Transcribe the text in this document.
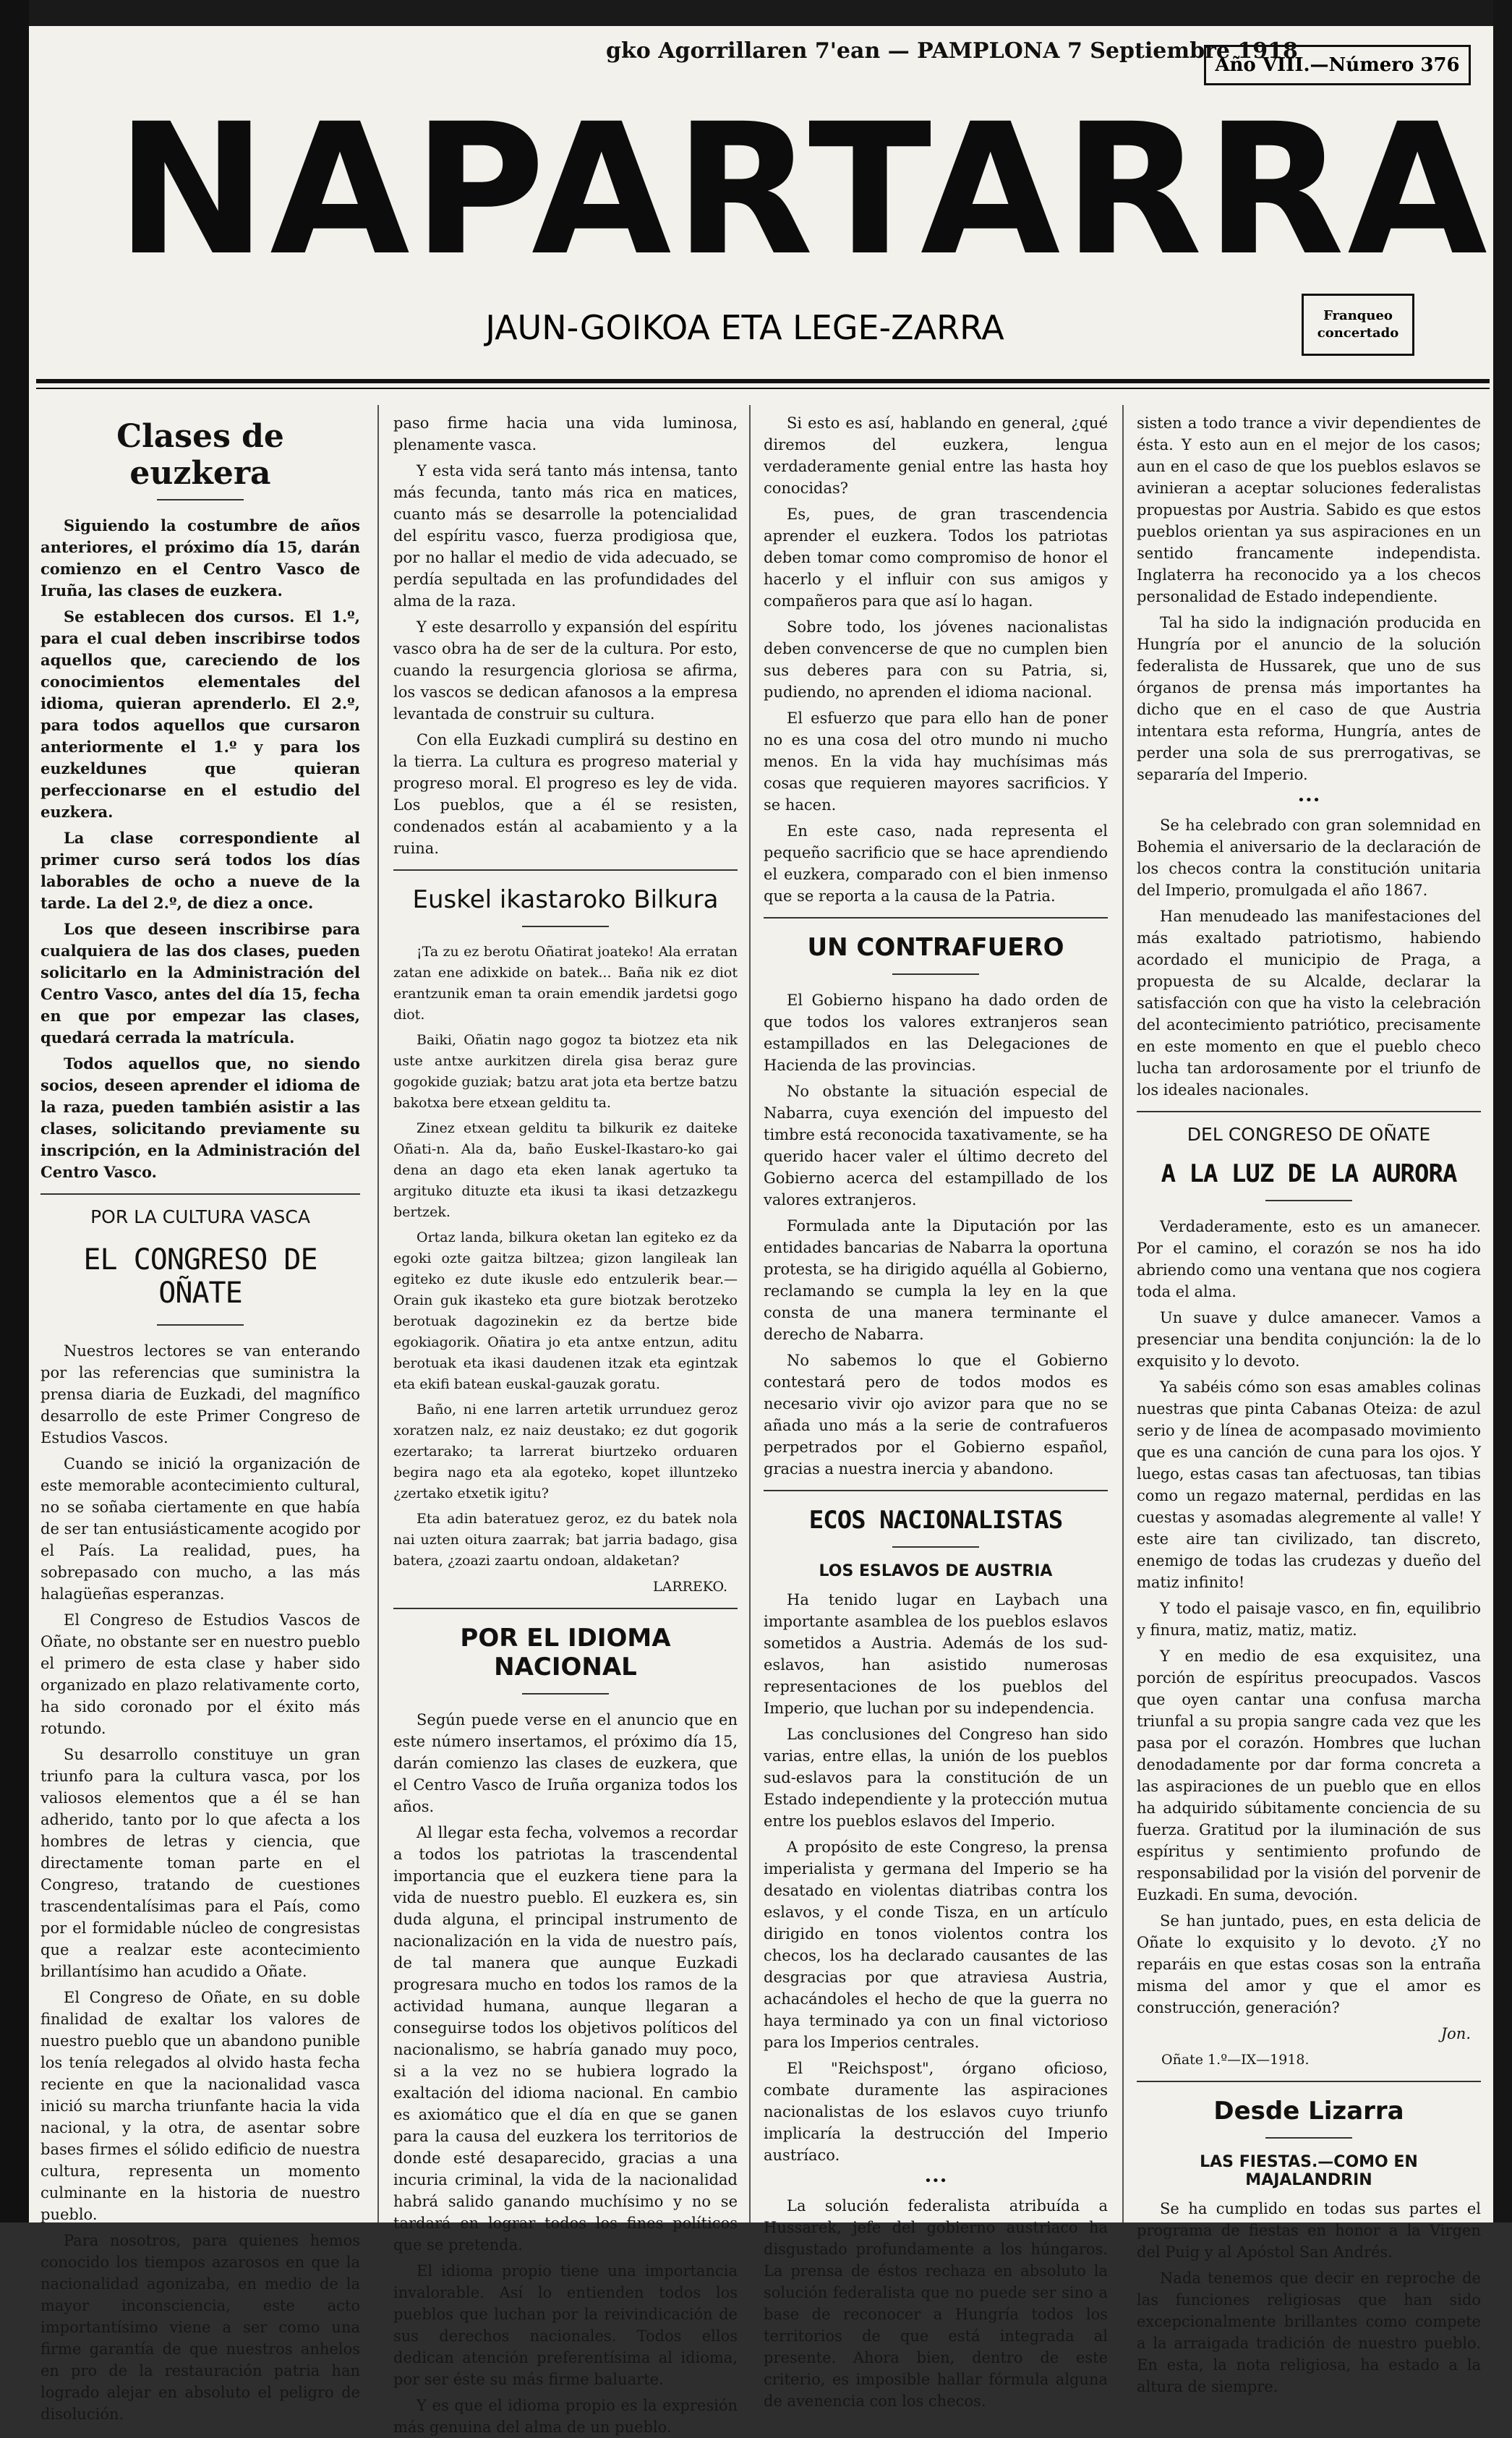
gko Agorrillaren 7'ean — PAMPLONA 7 Septiembre 1918
Año VIII.—Número 376
NAPARTARRA
JAUN-GOIKOA ETA LEGE-ZARRA	Franqueo concertado
Clases de euzkera

Siguiendo la costumbre de años anteriores, el próximo día 15, darán comienzo en el Centro Vasco de Iruña, las clases de euzkera.

Se establecen dos cursos. El 1.º, para el cual deben inscribirse todos aquellos que, careciendo de los conocimientos elementales del idioma, quieran aprenderlo. El 2.º, para todos aquellos que cursaron anteriormente el 1.º y para los euzkeldunes que quieran perfeccionarse en el estudio del euzkera.

La clase correspondiente al primer curso será todos los días laborables de ocho a nueve de la tarde. La del 2.º, de diez a once.

Los que deseen inscribirse para cualquiera de las dos clases, pueden solicitarlo en la Administración del Centro Vasco, antes del día 15, fecha en que por empezar las clases, quedará cerrada la matrícula.

Todos aquellos que, no siendo socios, deseen aprender el idioma de la raza, pueden también asistir a las clases, solicitando previamente su inscripción, en la Administración del Centro Vasco.

POR LA CULTURA VASCA
EL CONGRESO DE OÑATE

Nuestros lectores se van enterando por las referencias que suministra la prensa diaria de Euzkadi, del magnífico desarrollo de este Primer Congreso de Estudios Vascos.

Cuando se inició la organización de este memorable acontecimiento cultural, no se soñaba ciertamente en que había de ser tan entusiásticamente acogido por el País. La realidad, pues, ha sobrepasado con mucho, a las más halagüeñas esperanzas.

El Congreso de Estudios Vascos de Oñate, no obstante ser en nuestro pueblo el primero de esta clase y haber sido organizado en plazo relativamente corto, ha sido coronado por el éxito más rotundo.

Su desarrollo constituye un gran triunfo para la cultura vasca, por los valiosos elementos que a él se han adherido, tanto por lo que afecta a los hombres de letras y ciencia, que directamente toman parte en el Congreso, tratando de cuestiones trascendentalísimas para el País, como por el formidable núcleo de congresistas que a realzar este acontecimiento brillantísimo han acudido a Oñate.

El Congreso de Oñate, en su doble finalidad de exaltar los valores de nuestro pueblo que un abandono punible los tenía relegados al olvido hasta fecha reciente en que la nacionalidad vasca inició su marcha triunfante hacia la vida nacional, y la otra, de asentar sobre bases firmes el sólido edificio de nuestra cultura, representa un momento culminante en la historia de nuestro pueblo.

Para nosotros, para quienes hemos conocido los tiempos azarosos en que la nacionalidad agonizaba, en medio de la mayor inconsciencia, este acto importantísimo viene a ser como una firme garantía de que nuestros anhelos en pro de la restauración patria han logrado alejar en absoluto el peligro de disolución.

paso firme hacia una vida luminosa, plenamente vasca.

Y esta vida será tanto más intensa, tanto más fecunda, tanto más rica en matices, cuanto más se desarrolle la potencialidad del espíritu vasco, fuerza prodigiosa que, por no hallar el medio de vida adecuado, se perdía sepultada en las profundidades del alma de la raza.

Y este desarrollo y expansión del espíritu vasco obra ha de ser de la cultura. Por esto, cuando la resurgencia gloriosa se afirma, los vascos se dedican afanosos a la empresa levantada de construir su cultura.

Con ella Euzkadi cumplirá su destino en la tierra. La cultura es progreso material y progreso moral. El progreso es ley de vida. Los pueblos, que a él se resisten, condenados están al acabamiento y a la ruina.

Euskel ikastaroko Bilkura

¡Ta zu ez berotu Oñatirat joateko! Ala erratan zatan ene adixkide on batek... Baña nik ez diot erantzunik eman ta orain emendik jardetsi gogo diot.

Baiki, Oñatin nago gogoz ta biotzez eta nik uste antxe aurkitzen direla gisa beraz gure gogokide guziak; batzu arat jota eta bertze batzu bakotxa bere etxean gelditu ta.

Zinez etxean gelditu ta bilkurik ez daiteke Oñati-n. Ala da, baño Euskel-Ikastaro-ko gai dena an dago eta eken lanak agertuko ta argituko dituzte eta ikusi ta ikasi detzazkegu bertzek.

Ortaz landa, bilkura oketan lan egiteko ez da egoki ozte gaitza biltzea; gizon langileak lan egiteko ez dute ikusle edo entzulerik bear.— Orain guk ikasteko eta gure biotzak berotzeko berotuak dagozinekin ez da bertze bide egokiagorik. Oñatira jo eta antxe entzun, aditu berotuak eta ikasi daudenen itzak eta egintzak eta ekifi batean euskal-gauzak goratu.

Baño, ni ene larren artetik urrunduez geroz xoratzen nalz, ez naiz deustako; ez dut gogorik ezertarako; ta larrerat biurtzeko orduaren begira nago eta ala egoteko, kopet illuntzeko ¿zertako etxetik igitu?

Eta adin bateratuez geroz, ez du batek nola nai uzten oitura zaarrak; bat jarria badago, gisa batera, ¿zoazi zaartu ondoan, aldaketan?

LARREKO.
POR EL IDIOMA NACIONAL

Según puede verse en el anuncio que en este número insertamos, el próximo día 15, darán comienzo las clases de euzkera, que el Centro Vasco de Iruña organiza todos los años.

Al llegar esta fecha, volvemos a recordar a todos los patriotas la trascendental importancia que el euzkera tiene para la vida de nuestro pueblo. El euzkera es, sin duda alguna, el principal instrumento de nacionalización en la vida de nuestro país, de tal manera que aunque Euzkadi progresara mucho en todos los ramos de la actividad humana, aunque llegaran a conseguirse todos los objetivos políticos del nacionalismo, se habría ganado muy poco, si a la vez no se hubiera logrado la exaltación del idioma nacional. En cambio es axiomático que el día en que se ganen para la causa del euzkera los territorios de donde esté desaparecido, gracias a una incuria criminal, la vida de la nacionalidad habrá salido ganando muchísimo y no se tardará en lograr todos los fines políticos que se pretenda.

El idioma propio tiene una importancia invalorable. Así lo entienden todos los pueblos que luchan por la reivindicación de sus derechos nacionales. Todos ellos dedican atención preferentísima al idioma, por ser éste su más firme baluarte.

Y es que el idioma propio es la expresión más genuina del alma de un pueblo.

Si esto es así, hablando en general, ¿qué diremos del euzkera, lengua verdaderamente genial entre las hasta hoy conocidas?

Es, pues, de gran trascendencia aprender el euzkera. Todos los patriotas deben tomar como compromiso de honor el hacerlo y el influir con sus amigos y compañeros para que así lo hagan.

Sobre todo, los jóvenes nacionalistas deben convencerse de que no cumplen bien sus deberes para con su Patria, si, pudiendo, no aprenden el idioma nacional.

El esfuerzo que para ello han de poner no es una cosa del otro mundo ni mucho menos. En la vida hay muchísimas más cosas que requieren mayores sacrificios. Y se hacen.

En este caso, nada representa el pequeño sacrificio que se hace aprendiendo el euzkera, comparado con el bien inmenso que se reporta a la causa de la Patria.

UN CONTRAFUERO

El Gobierno hispano ha dado orden de que todos los valores extranjeros sean estampillados en las Delegaciones de Hacienda de las provincias.

No obstante la situación especial de Nabarra, cuya exención del impuesto del timbre está reconocida taxativamente, se ha querido hacer valer el último decreto del Gobierno acerca del estampillado de los valores extranjeros.

Formulada ante la Diputación por las entidades bancarias de Nabarra la oportuna protesta, se ha dirigido aquélla al Gobierno, reclamando se cumpla la ley en la que consta de una manera terminante el derecho de Nabarra.

No sabemos lo que el Gobierno contestará pero de todos modos es necesario vivir ojo avizor para que no se añada uno más a la serie de contrafueros perpetrados por el Gobierno español, gracias a nuestra inercia y abandono.

ECOS NACIONALISTAS
LOS ESLAVOS DE AUSTRIA

Ha tenido lugar en Laybach una importante asamblea de los pueblos eslavos sometidos a Austria. Además de los sud-eslavos, han asistido numerosas representaciones de los pueblos del Imperio, que luchan por su independencia.

Las conclusiones del Congreso han sido varias, entre ellas, la unión de los pueblos sud-eslavos para la constitución de un Estado independiente y la protección mutua entre los pueblos eslavos del Imperio.

A propósito de este Congreso, la prensa imperialista y germana del Imperio se ha desatado en violentas diatribas contra los eslavos, y el conde Tisza, en un artículo dirigido en tonos violentos contra los checos, los ha declarado causantes de las desgracias por que atraviesa Austria, achacándoles el hecho de que la guerra no haya terminado ya con un final victorioso para los Imperios centrales.

El "Reichspost", órgano oficioso, combate duramente las aspiraciones nacionalistas de los eslavos cuyo triunfo implicaría la destrucción del Imperio austríaco.

•••

La solución federalista atribuída a Hussarek, jefe del gobierno austriaco ha disgustado profundamente a los húngaros. La prensa de éstos rechaza en absoluto la solución federalista que no puede ser sino a base de reconocer a Hungría todos los territorios de que está integrada al presente. Ahora bien, dentro de este criterio, es imposible hallar fórmula alguna de avenencia con los checos.

sisten a todo trance a vivir dependientes de ésta. Y esto aun en el mejor de los casos; aun en el caso de que los pueblos eslavos se avinieran a aceptar soluciones federalistas propuestas por Austria. Sabido es que estos pueblos orientan ya sus aspiraciones en un sentido francamente independista. Inglaterra ha reconocido ya a los checos personalidad de Estado independiente.

Tal ha sido la indignación producida en Hungría por el anuncio de la solución federalista de Hussarek, que uno de sus órganos de prensa más importantes ha dicho que en el caso de que Austria intentara esta reforma, Hungría, antes de perder una sola de sus prerrogativas, se separaría del Imperio.

•••

Se ha celebrado con gran solemnidad en Bohemia el aniversario de la declaración de los checos contra la constitución unitaria del Imperio, promulgada el año 1867.

Han menudeado las manifestaciones del más exaltado patriotismo, habiendo acordado el municipio de Praga, a propuesta de su Alcalde, declarar la satisfacción con que ha visto la celebración del acontecimiento patriótico, precisamente en este momento en que el pueblo checo lucha tan ardorosamente por el triunfo de los ideales nacionales.

DEL CONGRESO DE OÑATE
A LA LUZ DE LA AURORA

Verdaderamente, esto es un amanecer. Por el camino, el corazón se nos ha ido abriendo como una ventana que nos cogiera toda el alma.

Un suave y dulce amanecer. Vamos a presenciar una bendita conjunción: la de lo exquisito y lo devoto.

Ya sabéis cómo son esas amables colinas nuestras que pinta Cabanas Oteiza: de azul serio y de línea de acompasado movimiento que es una canción de cuna para los ojos. Y luego, estas casas tan afectuosas, tan tibias como un regazo maternal, perdidas en las cuestas y asomadas alegremente al valle! Y este aire tan civilizado, tan discreto, enemigo de todas las crudezas y dueño del matiz infinito!

Y todo el paisaje vasco, en fin, equilibrio y finura, matiz, matiz, matiz.

Y en medio de esa exquisitez, una porción de espíritus preocupados. Vascos que oyen cantar una confusa marcha triunfal a su propia sangre cada vez que les pasa por el corazón. Hombres que luchan denodadamente por dar forma concreta a las aspiraciones de un pueblo que en ellos ha adquirido súbitamente conciencia de su fuerza. Gratitud por la iluminación de sus espíritus y sentimiento profundo de responsabilidad por la visión del porvenir de Euzkadi. En suma, devoción.

Se han juntado, pues, en esta delicia de Oñate lo exquisito y lo devoto. ¿Y no reparáis en que estas cosas son la entraña misma del amor y que el amor es construcción, generación?

Jon.
Oñate 1.º—IX—1918.
Desde Lizarra
LAS FIESTAS.—COMO EN MAJALANDRIN

Se ha cumplido en todas sus partes el programa de fiestas en honor a la Virgen del Puig y al Apóstol San Andrés.

Nada tenemos que decir en reproche de las funciones religiosas que han sido excepcionalmente brillantes como compete a la arraigada tradición de nuestro pueblo. En esta, la nota religiosa, ha estado a la altura de siempre.
